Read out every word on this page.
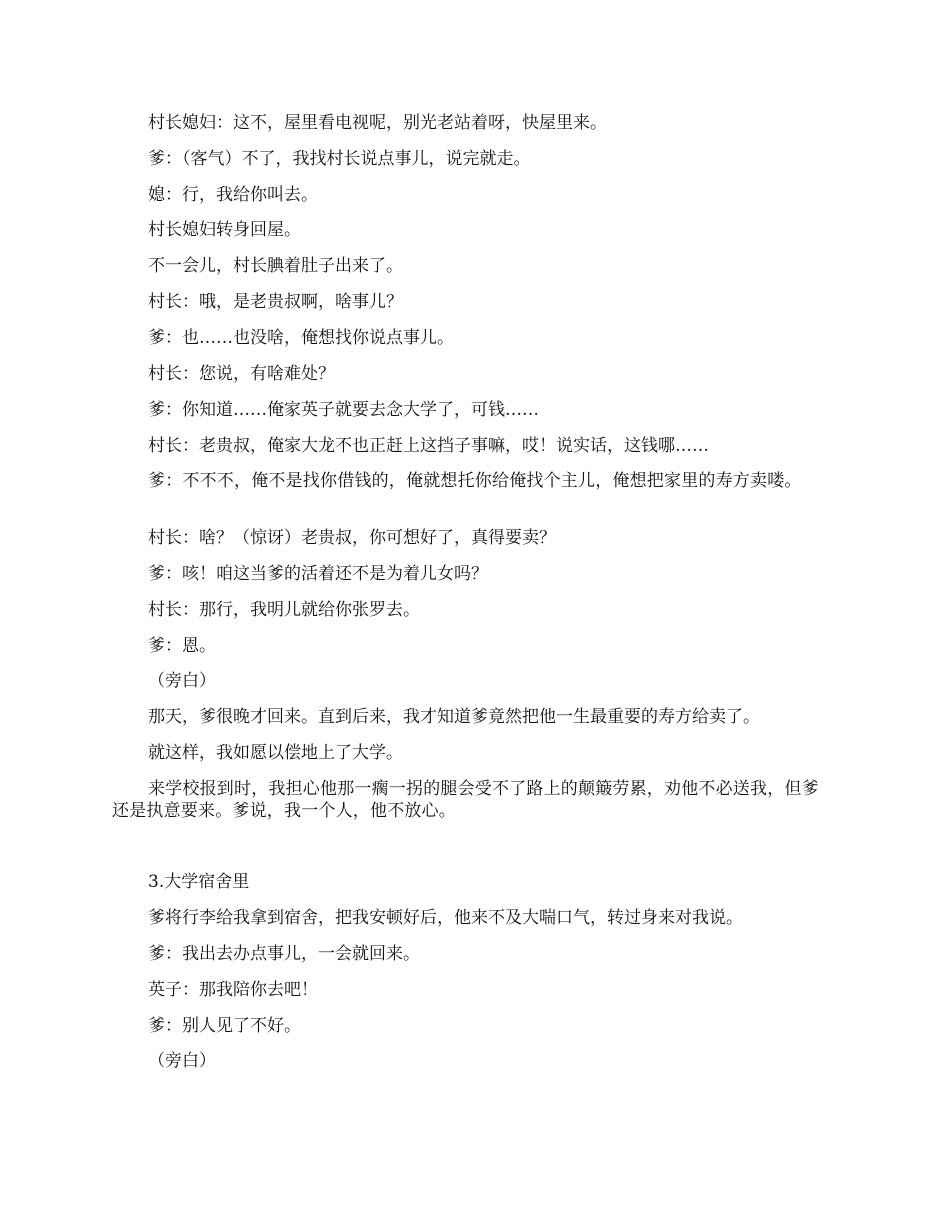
村长媳妇：这不，屋里看电视呢，别光老站着呀，快屋里来。

爹：（客气）不了，我找村长说点事儿，说完就走。

媳：行，我给你叫去。

村长媳妇转身回屋。

不一会儿，村长腆着肚子出来了。

村长：哦，是老贵叔啊，啥事儿？

爹：也……也没啥，俺想找你说点事儿。

村长：您说，有啥难处？

爹：你知道……俺家英子就要去念大学了，可钱……

村长：老贵叔，俺家大龙不也正赶上这挡子事嘛，哎！说实话，这钱哪……

爹：不不不，俺不是找你借钱的，俺就想托你给俺找个主儿，俺想把家里的寿方卖喽。

村长：啥？（惊讶）老贵叔，你可想好了，真得要卖？

爹：咳！咱这当爹的活着还不是为着儿女吗？

村长：那行，我明儿就给你张罗去。

爹：恩。

（旁白）

那天，爹很晚才回来。直到后来，我才知道爹竟然把他一生最重要的寿方给卖了。

就这样，我如愿以偿地上了大学。

来学校报到时，我担心他那一瘸一拐的腿会受不了路上的颠簸劳累，劝他不必送我，但爹还是执意要来。爹说，我一个人，他不放心。

3.大学宿舍里

爹将行李给我拿到宿舍，把我安顿好后，他来不及大喘口气，转过身来对我说。

爹：我出去办点事儿，一会就回来。

英子：那我陪你去吧！

爹：别人见了不好。

（旁白）
